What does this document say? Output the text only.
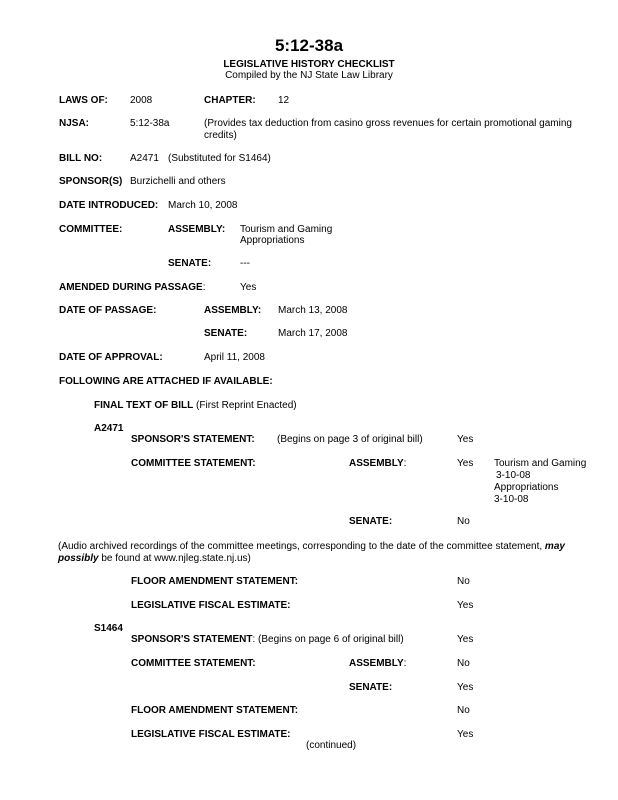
5:12-38a
LEGISLATIVE HISTORY CHECKLIST
Compiled by the NJ State Law Library
LAWS OF: 2008	CHAPTER: 12
NJSA:	5:12-38a	(Provides tax deduction from casino gross revenues for certain promotional gaming credits)
BILL NO:	A2471 (Substituted for S1464)
SPONSOR(S) Burzichelli and others
DATE INTRODUCED: March 10, 2008
COMMITTEE:	ASSEMBLY: Tourism and Gaming
Appropriations
SENATE:	---
AMENDED DURING PASSAGE:	Yes
DATE OF PASSAGE:	ASSEMBLY: March 13, 2008
SENATE:	March 17, 2008
DATE OF APPROVAL:	April 11, 2008
FOLLOWING ARE ATTACHED IF AVAILABLE:
FINAL TEXT OF BILL (First Reprint Enacted)
A2471
SPONSOR'S STATEMENT: (Begins on page 3 of original bill)	Yes
COMMITTEE STATEMENT:	ASSEMBLY:	Yes Tourism and Gaming
3-10-08
Appropriations
3-10-08
SENATE:	No
(Audio archived recordings of the committee meetings, corresponding to the date of the committee statement, may possibly be found at www.njleg.state.nj.us)
FLOOR AMENDMENT STATEMENT:	No
LEGISLATIVE FISCAL ESTIMATE:	Yes
S1464
SPONSOR'S STATEMENT: (Begins on page 6 of original bill)	Yes
COMMITTEE STATEMENT:	ASSEMBLY:	No
SENATE:	Yes
FLOOR AMENDMENT STATEMENT:	No
LEGISLATIVE FISCAL ESTIMATE:	Yes
(continued)
